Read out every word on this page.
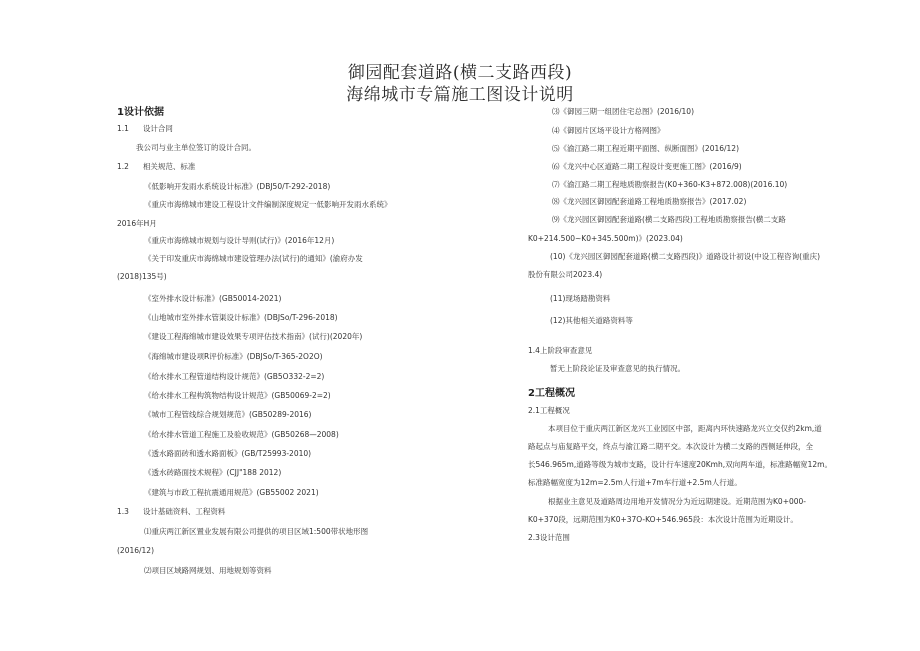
御园配套道路(横二支路西段)
海绵城市专篇施工图设计说明
1设计依据
1.1 设计合同
我公司与业主单位签订的设计合同。
1.2 相关规范、标准
《低影响开发雨水系统设计标准》(DBJ50/T-292-2018)
《重庆市海绵城市建设工程设计文件编制深度规定一低影响开发雨水系统》
2016年H月
《重庆市海绵城市规划与设计导则(试行)》(2016年12月)
《关于印发重庆市海绵城市建设管理办法(试行)的通知》(渝府办发
(2018)135号)
《室外排水设计标准》(GB50014-2021)
《山地城市室外排水管渠设计标准》(DBJSo/T-296-2018)
《建设工程海绵城市建设效果专项评估技术指南》(试行)(2020年)
《海绵城市建设项R评价标准》(DBJSo/T-365-2O2O)
《给水排水工程管道结构设计规范》(GB5O332-2=2)
《给水排水工程构筑物结构设计规范》(GB50069-2=2)
《城市工程管线综合规划规范》(GB50289-2016)
《给水排水管道工程施工及验收规范》(GB50268—2008)
《透水路面砖和透水路面板》(GB/T25993-2010)
《透水砖路面技术规程》(CJJ"188 2012)
《建筑与市政工程抗震通用规范》(GB55002 2021)
1.3 设计基础资料、工程资料
⑴重庆两江新区置业发展有限公司提供的项目区域1:500带状地形图
(2016/12)
⑵项目区域路网规划、用地规划等资料
⑶《御园三期一组团住宅总图》(2016/10)
⑷《御园片区场平设计方格网图》
⑸《渝江路二期工程近期平面图、纵断面图》(2016/12)
⑹《龙兴中心区道路二期工程设计变更施工图》(2016/9)
⑺《渝江路二期工程地质勘察报告(K0+360-K3+872.008)(2016.10)
⑻《龙兴园区御园配套道路工程地质勘察报告》(2017.02)
⑼《龙兴园区御园配套道路(横二支路西段)工程地质勘察报告(横二支路
K0+214.500~K0+345.500m)》(2023.04)
(10)《龙兴园区御园配套道路(横二支路西段)》道路设计初设(中设工程咨询(重庆)
股份有限公司2023.4)
(11)现场踏勘资料
(12)其他相关道路资料等
1.4上阶段审查意见
暂无上阶段论证及审查意见的执行情况。
2工程概况
2.1工程概况
本项目位于重庆两江新区龙兴工业园区中部，距离内环快速路龙兴立交仅约2km,道
路起点与庙复路平交，终点与渝江路二期平交。本次设计为横二支路的西侧延伸段，全
长546.965m,道路等级为城市支路，设计行车速度20Kmh,双向两车道，标准路幅宽12m。
标准路幅宽度为12m=2.5m人行道+7m车行道+2.5m人行道。
根据业主意见及道路周边用地开发情况分为近远期建设。近期范围为K0+000-
K0+370段，远期范围为K0+37O-KO+546.965段：本次设计范围为近期设计。
2.3设计范围
